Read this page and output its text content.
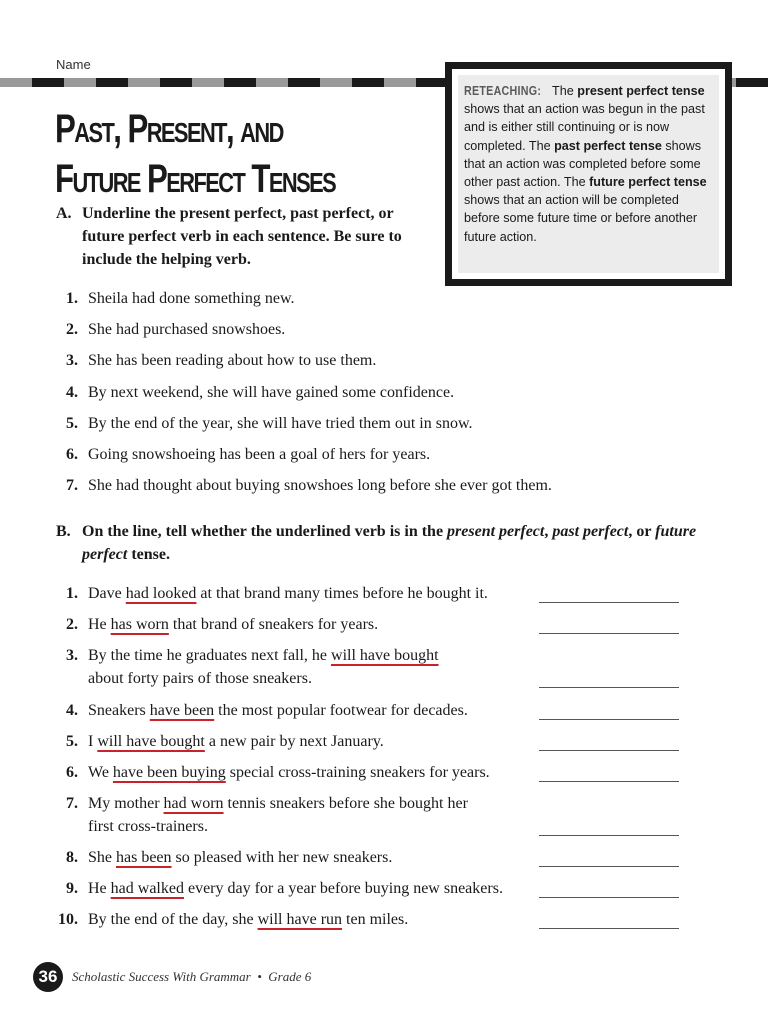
Name
Past, Present, and
Future Perfect Tenses
RETEACHING: The present perfect tense shows that an action was begun in the past and is either still continuing or is now completed. The past perfect tense shows that an action was completed before some other past action. The future perfect tense shows that an action will be completed before some future time or before another future action.
A. Underline the present perfect, past perfect, or future perfect verb in each sentence. Be sure to include the helping verb.
1. Sheila had done something new.
2. She had purchased snowshoes.
3. She has been reading about how to use them.
4. By next weekend, she will have gained some confidence.
5. By the end of the year, she will have tried them out in snow.
6. Going snowshoeing has been a goal of hers for years.
7. She had thought about buying snowshoes long before she ever got them.
B. On the line, tell whether the underlined verb is in the present perfect, past perfect, or future perfect tense.
1. Dave had looked at that brand many times before he bought it.
2. He has worn that brand of sneakers for years.
3. By the time he graduates next fall, he will have bought
about forty pairs of those sneakers.
4. Sneakers have been the most popular footwear for decades.
5. I will have bought a new pair by next January.
6. We have been buying special cross-training sneakers for years.
7. My mother had worn tennis sneakers before she bought her
first cross-trainers.
8. She has been so pleased with her new sneakers.
9. He had walked every day for a year before buying new sneakers.
10. By the end of the day, she will have run ten miles.
36	Scholastic Success With Grammar • Grade 6
